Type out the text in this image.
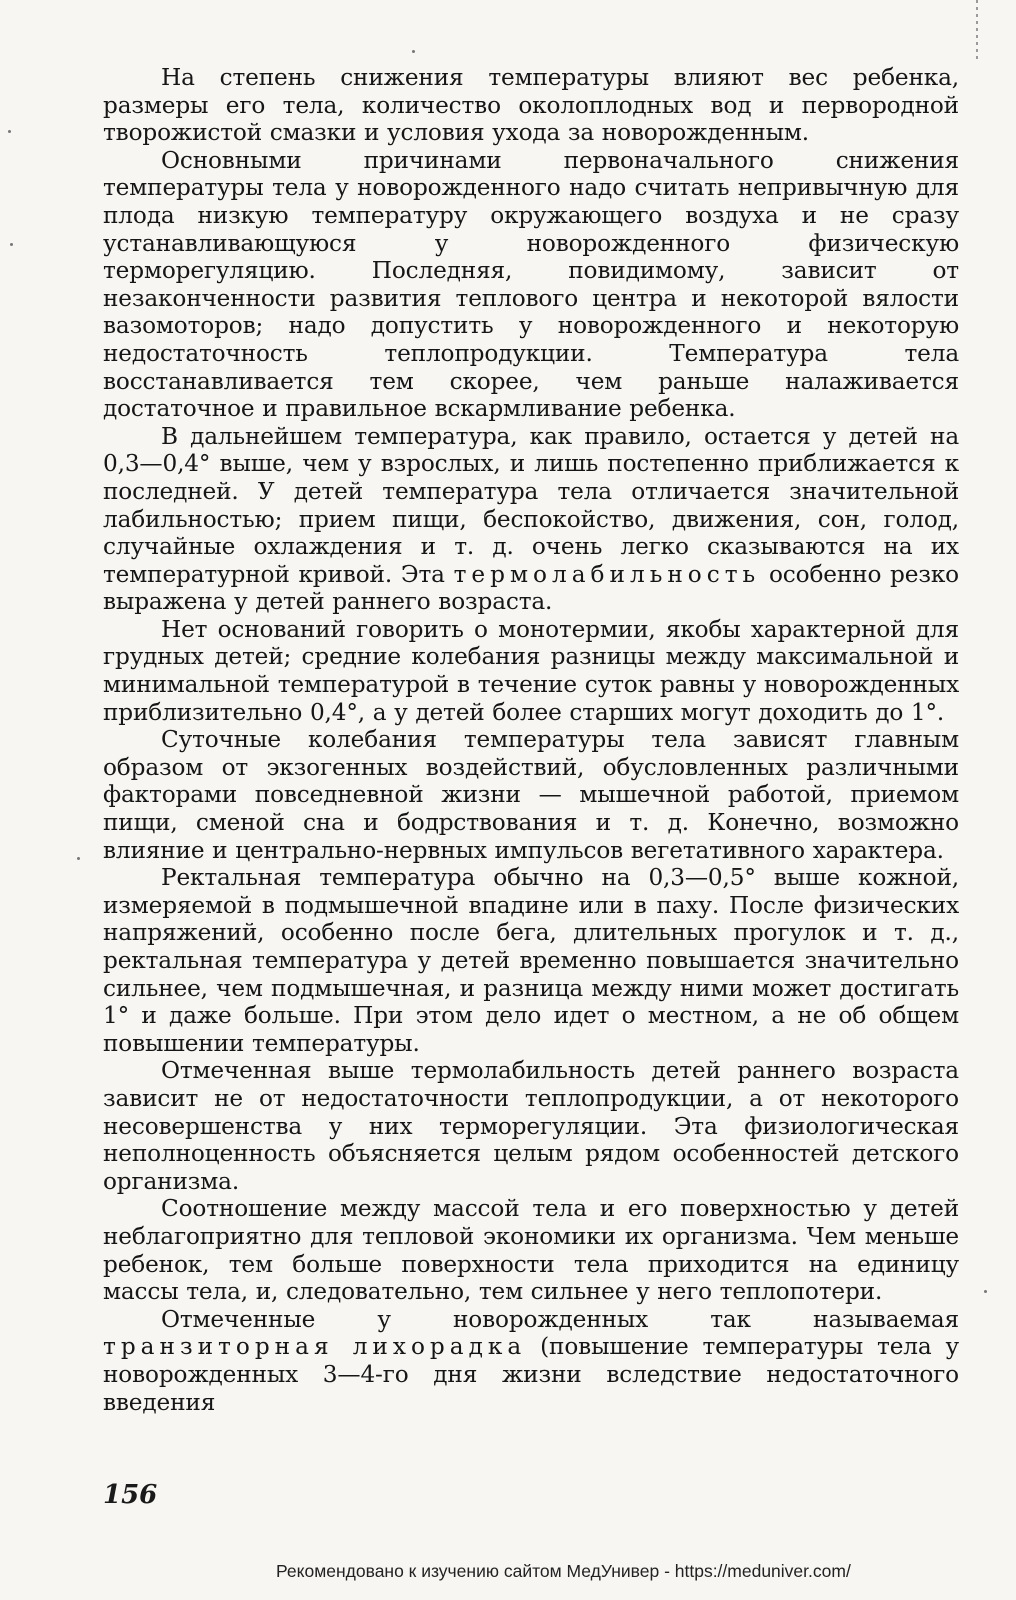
На степень снижения температуры влияют вес ребенка, размеры его тела, количество околоплодных вод и первородной творожистой смазки и условия ухода за новорожденным.

Основными причинами первоначального снижения температуры тела у новорожденного надо считать непривычную для плода низкую температуру окружающего воздуха и не сразу устанавливающуюся у новорожденного физическую терморегуляцию. Последняя, повидимому, зависит от незаконченности развития теплового центра и некоторой вялости вазомоторов; надо допустить у новорожденного и некоторую недостаточность теплопродукции. Температура тела восстанавливается тем скорее, чем раньше налаживается достаточное и правильное вскармливание ребенка.

В дальнейшем температура, как правило, остается у детей на 0,3—0,4° выше, чем у взрослых, и лишь постепенно приближается к последней. У детей температура тела отличается значительной лабильностью; прием пищи, беспокойство, движения, сон, голод, случайные охлаждения и т. д. очень легко сказываются на их температурной кривой. Эта термолабильность особенно резко выражена у детей раннего возраста.

Нет оснований говорить о монотермии, якобы характерной для грудных детей; средние колебания разницы между максимальной и минимальной температурой в течение суток равны у новорожденных приблизительно 0,4°, а у детей более старших могут доходить до 1°.

Суточные колебания температуры тела зависят главным образом от экзогенных воздействий, обусловленных различными факторами повседневной жизни — мышечной работой, приемом пищи, сменой сна и бодрствования и т. д. Конечно, возможно влияние и центрально-нервных импульсов вегетативного характера.

Ректальная температура обычно на 0,3—0,5° выше кожной, измеряемой в подмышечной впадине или в паху. После физических напряжений, особенно после бега, длительных прогулок и т. д., ректальная температура у детей временно повышается значительно сильнее, чем подмышечная, и разница между ними может достигать 1° и даже больше. При этом дело идет о местном, а не об общем повышении температуры.

Отмеченная выше термолабильность детей раннего возраста зависит не от недостаточности теплопродукции, а от некоторого несовершенства у них терморегуляции. Эта физиологическая неполноценность объясняется целым рядом особенностей детского организма.

Соотношение между массой тела и его поверхностью у детей неблагоприятно для тепловой экономики их организма. Чем меньше ребенок, тем больше поверхности тела приходится на единицу массы тела, и, следовательно, тем сильнее у него теплопотери.

Отмеченные у новорожденных так называемая транзиторная лихорадка (повышение температуры тела у новорожденных 3—4-го дня жизни вследствие недостаточного введения

156
Рекомендовано к изучению сайтом МедУнивер - https://meduniver.com/
